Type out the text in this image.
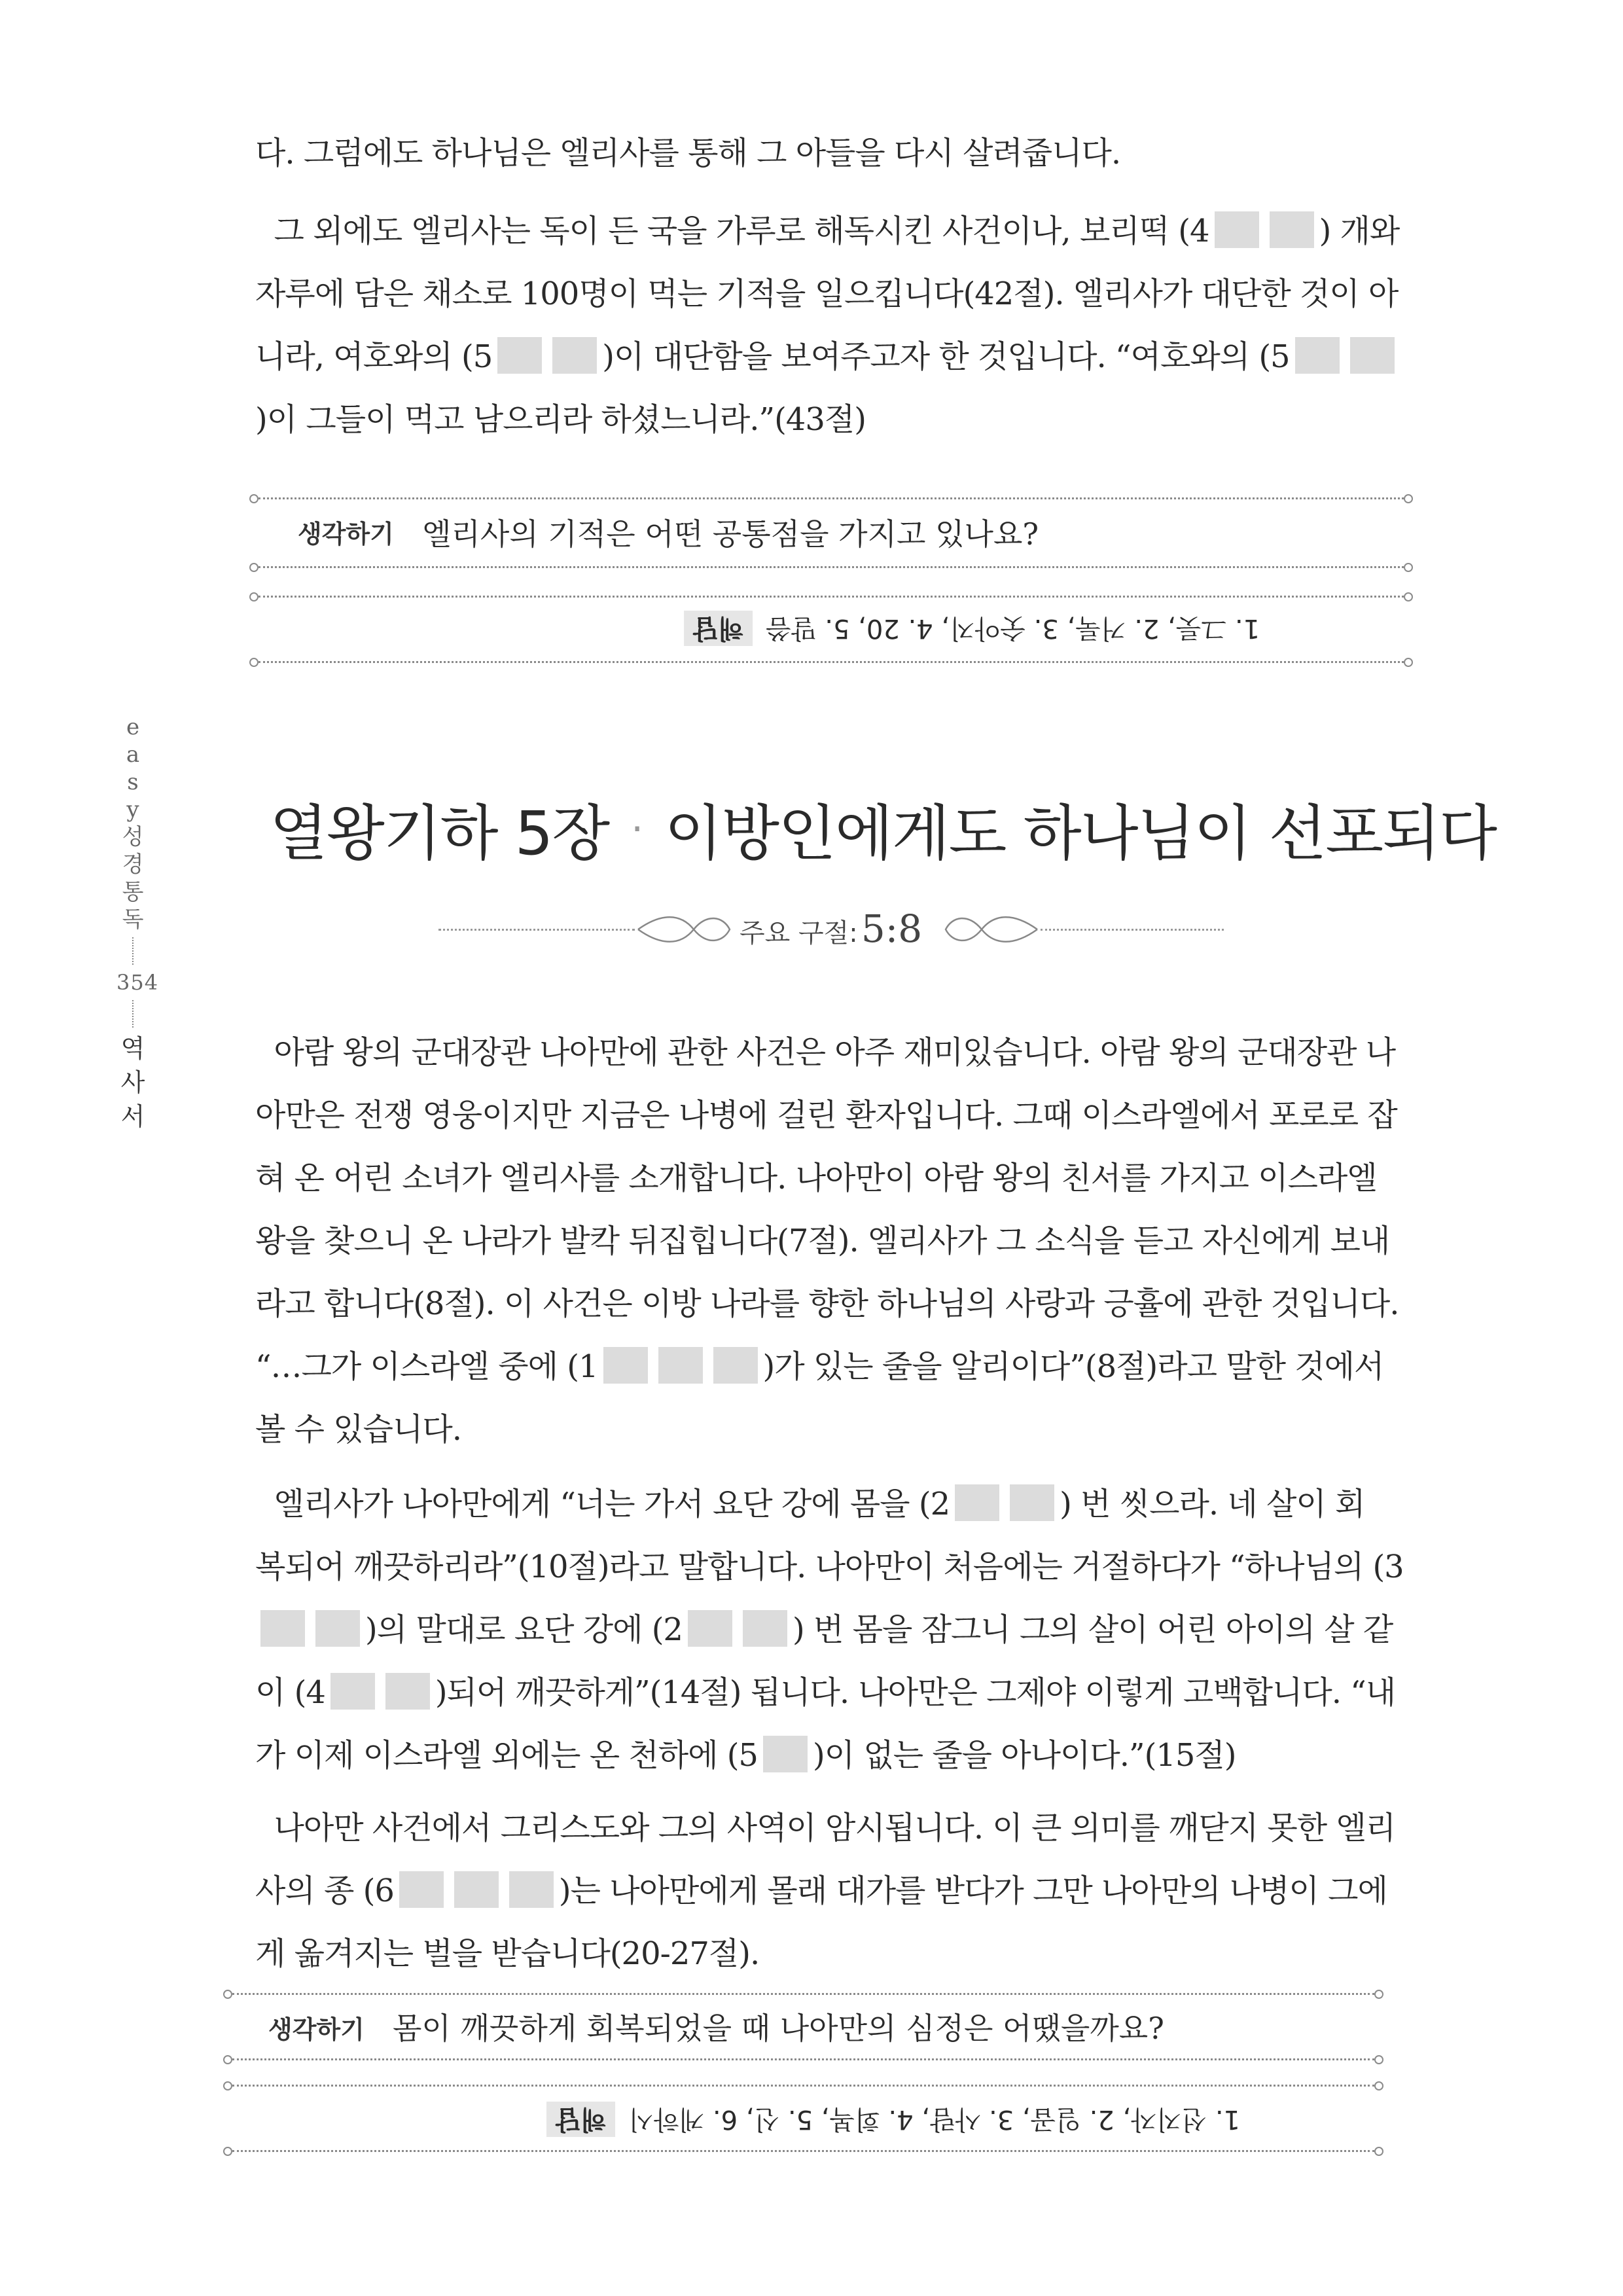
다. 그럼에도 하나님은 엘리사를 통해 그 아들을 다시 살려줍니다.
그 외에도 엘리사는 독이 든 국을 가루로 해독시킨 사건이나, 보리떡 (4	) 개와
자루에 담은 채소로 100명이 먹는 기적을 일으킵니다(42절). 엘리사가 대단한 것이 아
니라, 여호와의 (5	)이 대단함을 보여주고자 한 것입니다. “여호와의 (5
)이 그들이 먹고 남으리라 하셨느니라.”(43절)
생각하기 엘리사의 기적은 어떤 공통점을 가지고 있나요?
1. 그릇, 2. 거룩, 3. 숫아지, 4. 20, 5. 말씀해답
e
a
s
y
성
경
통
독
354
역
사
서
열왕기하 5장 · 이방인에게도 하나님이 선포되다
주요 구절: 5:8
아람 왕의 군대장관 나아만에 관한 사건은 아주 재미있습니다. 아람 왕의 군대장관 나
아만은 전쟁 영웅이지만 지금은 나병에 걸린 환자입니다. 그때 이스라엘에서 포로로 잡
혀 온 어린 소녀가 엘리사를 소개합니다. 나아만이 아람 왕의 친서를 가지고 이스라엘
왕을 찾으니 온 나라가 발칵 뒤집힙니다(7절). 엘리사가 그 소식을 듣고 자신에게 보내
라고 합니다(8절). 이 사건은 이방 나라를 향한 하나님의 사랑과 긍휼에 관한 것입니다.
“…그가 이스라엘 중에 (1	)가 있는 줄을 알리이다”(8절)라고 말한 것에서
볼 수 있습니다.
엘리사가 나아만에게 “너는 가서 요단 강에 몸을 (2	) 번 씻으라. 네 살이 회
복되어 깨끗하리라”(10절)라고 말합니다. 나아만이 처음에는 거절하다가 “하나님의 (3
)의 말대로 요단 강에 (2	) 번 몸을 잠그니 그의 살이 어린 아이의 살 같
이 (4	)되어 깨끗하게”(14절) 됩니다. 나아만은 그제야 이렇게 고백합니다. “내
가 이제 이스라엘 외에는 온 천하에 (5 )이 없는 줄을 아나이다.”(15절)
나아만 사건에서 그리스도와 그의 사역이 암시됩니다. 이 큰 의미를 깨닫지 못한 엘리
사의 종 (6	)는 나아만에게 몰래 대가를 받다가 그만 나아만의 나병이 그에
게 옮겨지는 벌을 받습니다(20-27절).
생각하기 몸이 깨끗하게 회복되었을 때 나아만의 심정은 어땠을까요?
1. 선지자, 2. 일곱, 3. 사람, 4. 회복, 5. 신, 6. 게하시해답
